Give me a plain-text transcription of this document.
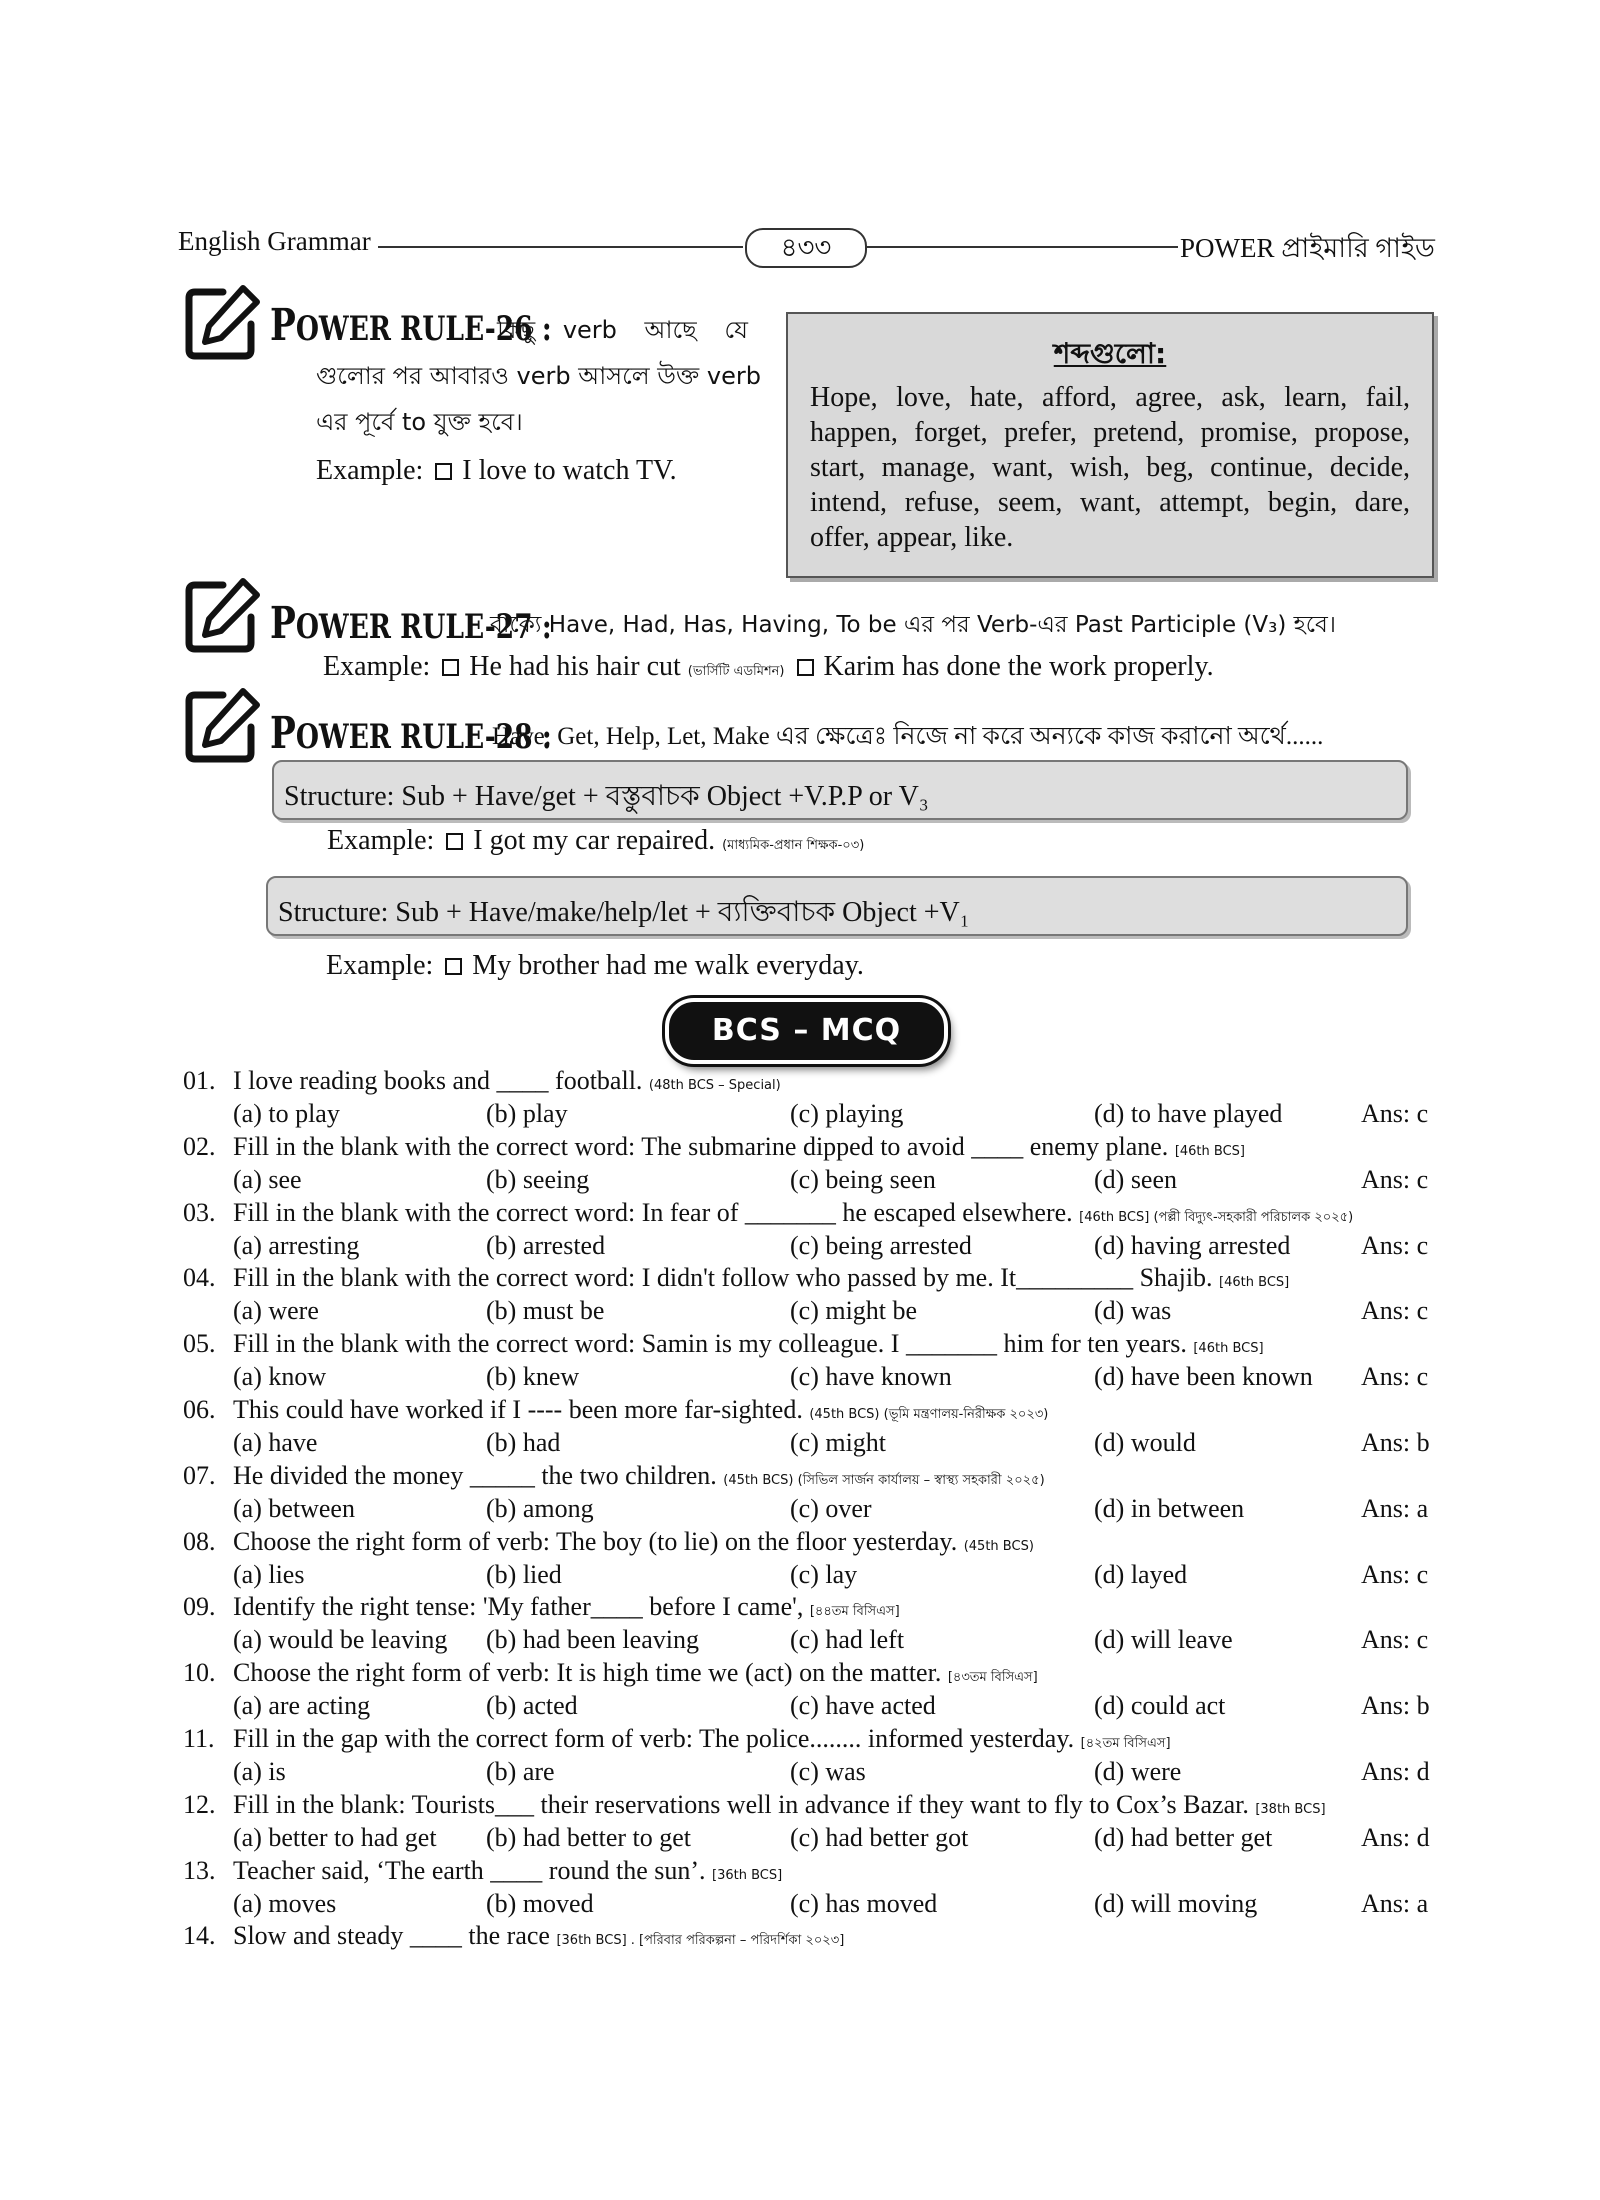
English Grammar	৪৩৩	POWER প্রাইমারি গাইড
POWER RULE-26 :
কিছু verb আছে যে
গুলোর পর আবারও verb আসলে উক্ত verb
এর পূর্বে to যুক্ত হবে।
Example: I love to watch TV.
শব্দগুলো:
Hope, love, hate, afford, agree, ask, learn, fail, happen, forget, prefer, pretend, promise, propose, start, manage, want, wish, beg, continue, decide, intend, refuse, seem, want, attempt, begin, dare, offer, appear, like.
POWER RULE-27 :
বাক্যে Have, Had, Has, Having, To be এর পর Verb-এর Past Participle (V₃) হবে।
Example: He had his hair cut (ভার্সিটি এডমিশন) Karim has done the work properly.
POWER RULE-28 :
Have, Get, Help, Let, Make এর ক্ষেত্রেঃ নিজে না করে অন্যকে কাজ করানো অর্থে......
Structure: Sub + Have/get + বস্তুবাচক Object +V.P.P or V₃
Example: I got my car repaired. (মাধ্যমিক-প্রধান শিক্ষক-০৩)
Structure: Sub + Have/make/help/let + ব্যক্তিবাচক Object +V₁
Example: My brother had me walk everyday.
BCS – MCQ
01. I love reading books and ____ football. (48th BCS – Special)
(a) to play	(b) play	(c) playing	(d) to have played	Ans: c
02. Fill in the blank with the correct word: The submarine dipped to avoid ____ enemy plane. [46th BCS]
(a) see	(b) seeing	(c) being seen	(d) seen	Ans: c
03. Fill in the blank with the correct word: In fear of _______ he escaped elsewhere. [46th BCS] (পল্লী বিদ্যুৎ-সহকারী পরিচালক ২০২৫)
(a) arresting	(b) arrested	(c) being arrested	(d) having arrested	Ans: c
04. Fill in the blank with the correct word: I didn't follow who passed by me. It_________ Shajib. [46th BCS]
(a) were	(b) must be	(c) might be	(d) was	Ans: c
05. Fill in the blank with the correct word: Samin is my colleague. I _______ him for ten years. [46th BCS]
(a) know	(b) knew	(c) have known	(d) have been known Ans: c
06. This could have worked if I ---- been more far-sighted. (45th BCS) (ভূমি মন্ত্রণালয়-নিরীক্ষক ২০২৩)
(a) have	(b) had	(c) might	(d) would	Ans: b
07. He divided the money _____ the two children. (45th BCS) (সিভিল সার্জন কার্যালয় – স্বাস্থ্য সহকারী ২০২৫)
(a) between	(b) among	(c) over	(d) in between	Ans: a
08. Choose the right form of verb: The boy (to lie) on the floor yesterday. (45th BCS)
(a) lies	(b) lied	(c) lay	(d) layed	Ans: c
09. Identify the right tense: 'My father____ before I came', [৪৪তম বিসিএস]
(a) would be leaving (b) had been leaving	(c) had left	(d) will leave	Ans: c
10. Choose the right form of verb: It is high time we (act) on the matter. [৪৩তম বিসিএস]
(a) are acting	(b) acted	(c) have acted	(d) could act	Ans: b
11. Fill in the gap with the correct form of verb: The police........ informed yesterday. [৪২তম বিসিএস]
(a) is	(b) are	(c) was	(d) were	Ans: d
12. Fill in the blank: Tourists___ their reservations well in advance if they want to fly to Cox’s Bazar. [38th BCS]
(a) better to had get (b) had better to get	(c) had better got	(d) had better get	Ans: d
13. Teacher said, ‘The earth ____ round the sun’. [36th BCS]
(a) moves	(b) moved	(c) has moved	(d) will moving	Ans: a
14. Slow and steady ____ the race [36th BCS] . [পরিবার পরিকল্পনা – পরিদর্শিকা ২০২৩]
